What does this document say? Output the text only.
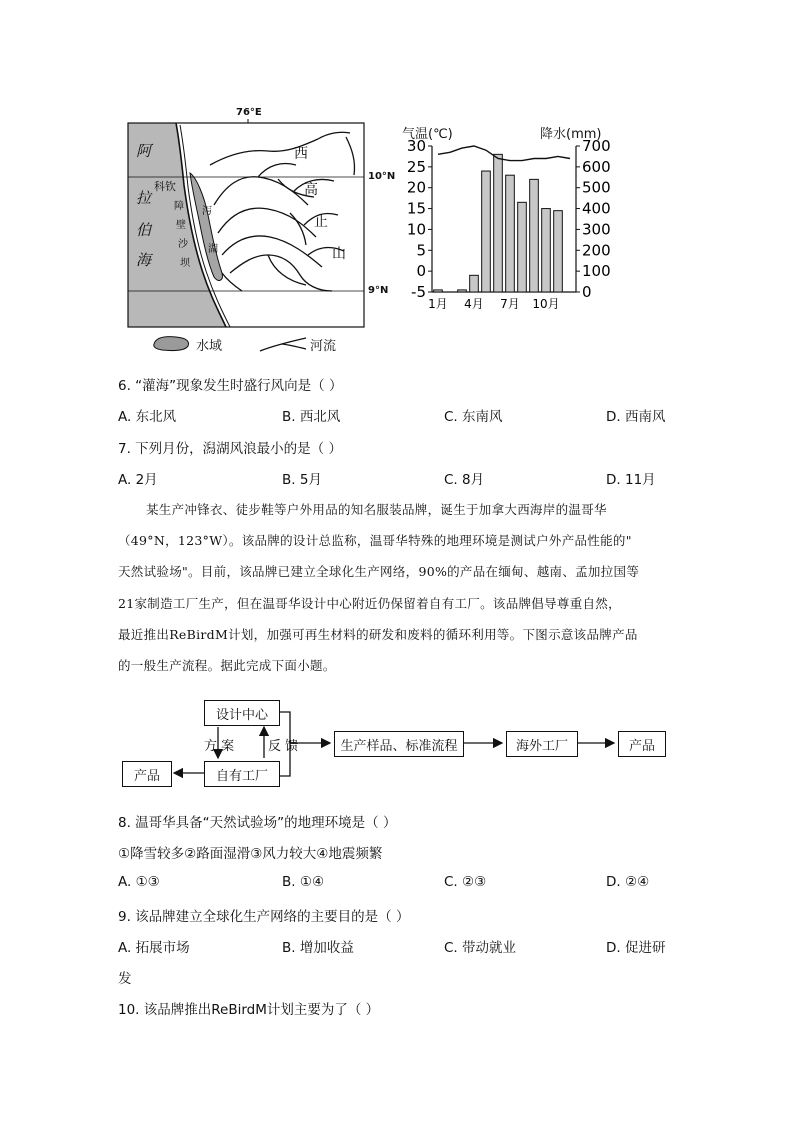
76°E
10°N
9°N
阿
拉
伯
海
科钦
障
壁
沙
坝
泻
湖
西
高
止
山
水域	河流
气温(℃)	降水(mm)
30	700
25	600
20	500
15	400
10	300
5	200
0	100
-5	0
1月 4月 7月 10月
6. “灌海”现象发生时盛行风向是（ ）
A. 东北风	B. 西北风	C. 东南风	D. 西南风
7. 下列月份，潟湖风浪最小的是（ ）
A. 2月	B. 5月	C. 8月	D. 11月
某生产冲锋衣、徒步鞋等户外用品的知名服装品牌，诞生于加拿大西海岸的温哥华
（49°N，123°W）。该品牌的设计总监称，温哥华特殊的地理环境是测试户外产品性能的"
天然试验场"。目前，该品牌已建立全球化生产网络，90%的产品在缅甸、越南、孟加拉国等
21家制造工厂生产，但在温哥华设计中心附近仍保留着自有工厂。该品牌倡导尊重自然，
最近推出ReBirdM计划，加强可再生材料的研发和废料的循环利用等。下图示意该品牌产品
的一般生产流程。据此完成下面小题。
设计中心
方 案	反 馈
自有工厂
产品
生产样品、标准流程	海外工厂	产品
8. 温哥华具备“天然试验场”的地理环境是（ ）
①降雪较多②路面湿滑③风力较大④地震频繁
A. ①③	B. ①④	C. ②③	D. ②④
9. 该品牌建立全球化生产网络的主要目的是（ ）
A. 拓展市场	B. 增加收益	C. 带动就业	D. 促进研
发
10. 该品牌推出ReBirdM计划主要为了（ ）
